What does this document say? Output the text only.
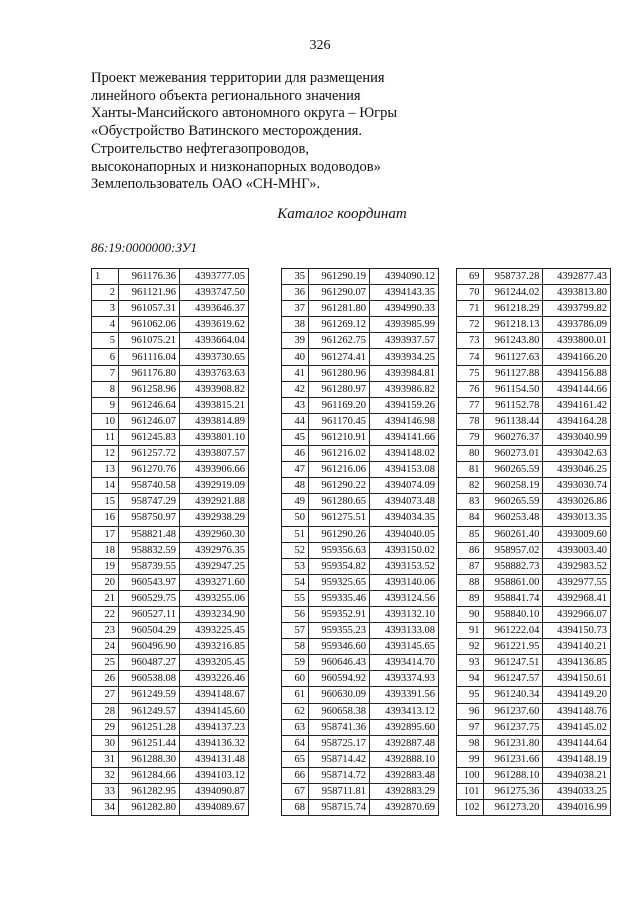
326
Проект межевания территории для размещения
линейного объекта регионального значения
Ханты-Мансийского автономного округа – Югры
«Обустройство Ватинского месторождения.
Строительство нефтегазопроводов,
высоконапорных и низконапорных водоводов»
Землепользователь ОАО «СН-МНГ».
Каталог координат
86:19:0000000:ЗУ1
1	961176.36	4393777.05
2	961121.96	4393747.50
3	961057.31	4393646.37
4	961062.06	4393619.62
5	961075.21	4393664.04
6	961116.04	4393730.65
7	961176.80	4393763.63
8	961258.96	4393908.82
9	961246.64	4393815.21
10	961246.07	4393814.89
11	961245.83	4393801.10
12	961257.72	4393807.57
13	961270.76	4393906.66
14	958740.58	4392919.09
15	958747.29	4392921.88
16	958750.97	4392938.29
17	958821.48	4392960.30
18	958832.59	4392976.35
19	958739.55	4392947.25
20	960543.97	4393271.60
21	960529.75	4393255.06
22	960527.11	4393234.90
23	960504.29	4393225.45
24	960496.90	4393216.85
25	960487.27	4393205.45
26	960538.08	4393226.46
27	961249.59	4394148.67
28	961249.57	4394145.60
29	961251.28	4394137.23
30	961251.44	4394136.32
31	961288.30	4394131.48
32	961284.66	4394103.12
33	961282.95	4394090.87
34	961282.80	4394089.67
35	961290.19	4394090.12
36	961290.07	4394143.35
37	961281.80	4394990.33
38	961269.12	4393985.99
39	961262.75	4393937.57
40	961274.41	4393934.25
41	961280.96	4393984.81
42	961280.97	4393986.82
43	961169.20	4394159.26
44	961170.45	4394146.98
45	961210.91	4394141.66
46	961216.02	4394148.02
47	961216.06	4394153.08
48	961290.22	4394074.09
49	961280.65	4394073.48
50	961275.51	4394034.35
51	961290.26	4394040.05
52	959356.63	4393150.02
53	959354.82	4393153.52
54	959325.65	4393140.06
55	959335.46	4393124.56
56	959352.91	4393132.10
57	959355.23	4393133.08
58	959346.60	4393145.65
59	960646.43	4393414.70
60	960594.92	4393374.93
61	960630.09	4393391.56
62	960658.38	4393413.12
63	958741.36	4392895.60
64	958725.17	4392887.48
65	958714.42	4392888.10
66	958714.72	4392883.48
67	958711.81	4392883.29
68	958715.74	4392870.69
69	958737.28	4392877.43
70	961244.02	4393813.80
71	961218.29	4393799.82
72	961218.13	4393786.09
73	961243.80	4393800.01
74	961127.63	4394166.20
75	961127.88	4394156.88
76	961154.50	4394144.66
77	961152.78	4394161.42
78	961138.44	4394164.28
79	960276.37	4393040.99
80	960273.01	4393042.63
81	960265.59	4393046.25
82	960258.19	4393030.74
83	960265.59	4393026.86
84	960253.48	4393013.35
85	960261.40	4393009.60
86	958957.02	4393003.40
87	958882.73	4392983.52
88	958861.00	4392977.55
89	958841.74	4392968.41
90	958840.10	4392966.07
91	961222.04	4394150.73
92	961221.95	4394140.21
93	961247.51	4394136.85
94	961247.57	4394150.61
95	961240.34	4394149.20
96	961237.60	4394148.76
97	961237.75	4394145.02
98	961231.80	4394144.64
99	961231.66	4394148.19
100	961288.10	4394038.21
101	961275.36	4394033.25
102	961273.20	4394016.99
